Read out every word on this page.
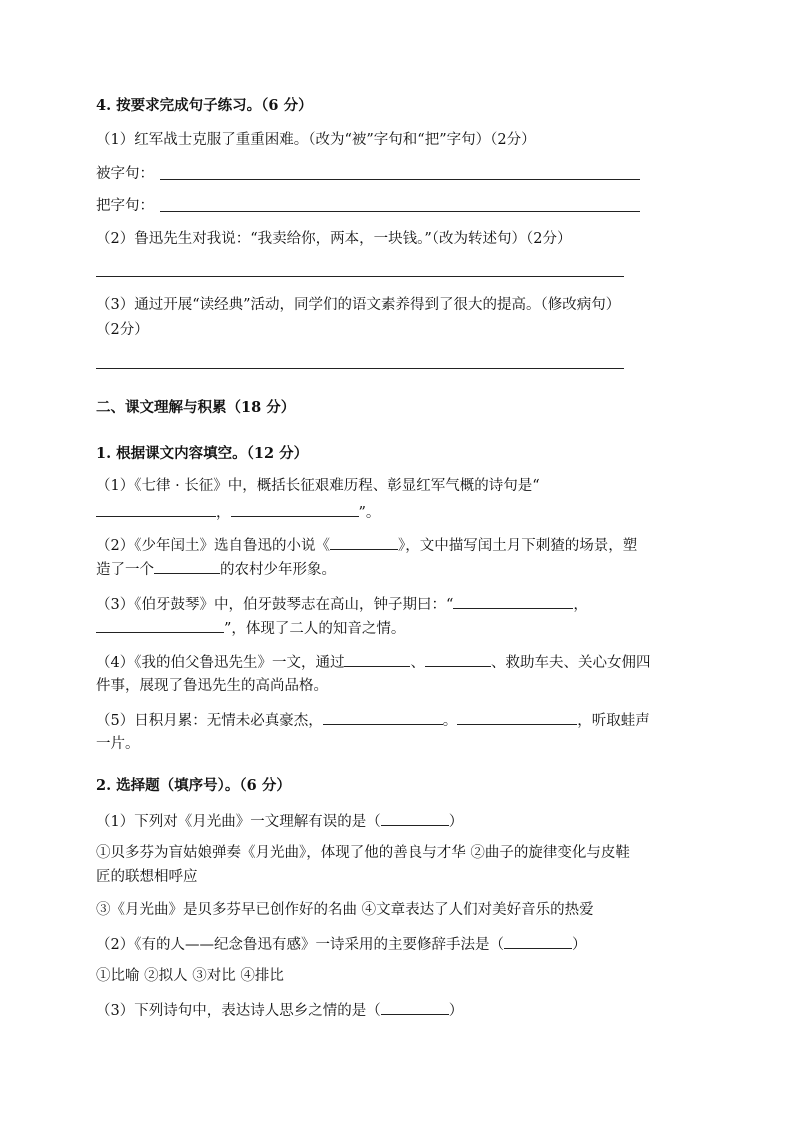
4. 按要求完成句子练习。（6 分）
（1）红军战士克服了重重困难。（改为“被”字句和“把”字句）（2分）
被字句：
把字句：
（2）鲁迅先生对我说：“我卖给你，两本，一块钱。”（改为转述句）（2分）
（3）通过开展“读经典”活动，同学们的语文素养得到了很大的提高。（修改病句）
（2分）
二、课文理解与积累（18 分）
1. 根据课文内容填空。（12 分）
（1）《七律 · 长征》中，概括长征艰难历程、彰显红军气概的诗句是“
，	”。
（2）《少年闰土》选自鲁迅的小说《	》，文中描写闰土月下刺猹的场景，塑
造了一个	的农村少年形象。
（3）《伯牙鼓琴》中，伯牙鼓琴志在高山，钟子期曰：“	，
”，体现了二人的知音之情。
（4）《我的伯父鲁迅先生》一文，通过	、	、救助车夫、关心女佣四
件事，展现了鲁迅先生的高尚品格。
（5）日积月累：无情未必真豪杰，	。	，听取蛙声
一片。
2. 选择题（填序号）。（6 分）
（1）下列对《月光曲》一文理解有误的是（	）
①贝多芬为盲姑娘弹奏《月光曲》，体现了他的善良与才华 ②曲子的旋律变化与皮鞋
匠的联想相呼应
③《月光曲》是贝多芬早已创作好的名曲 ④文章表达了人们对美好音乐的热爱
（2）《有的人——纪念鲁迅有感》一诗采用的主要修辞手法是（	）
①比喻 ②拟人 ③对比 ④排比
（3）下列诗句中，表达诗人思乡之情的是（	）
